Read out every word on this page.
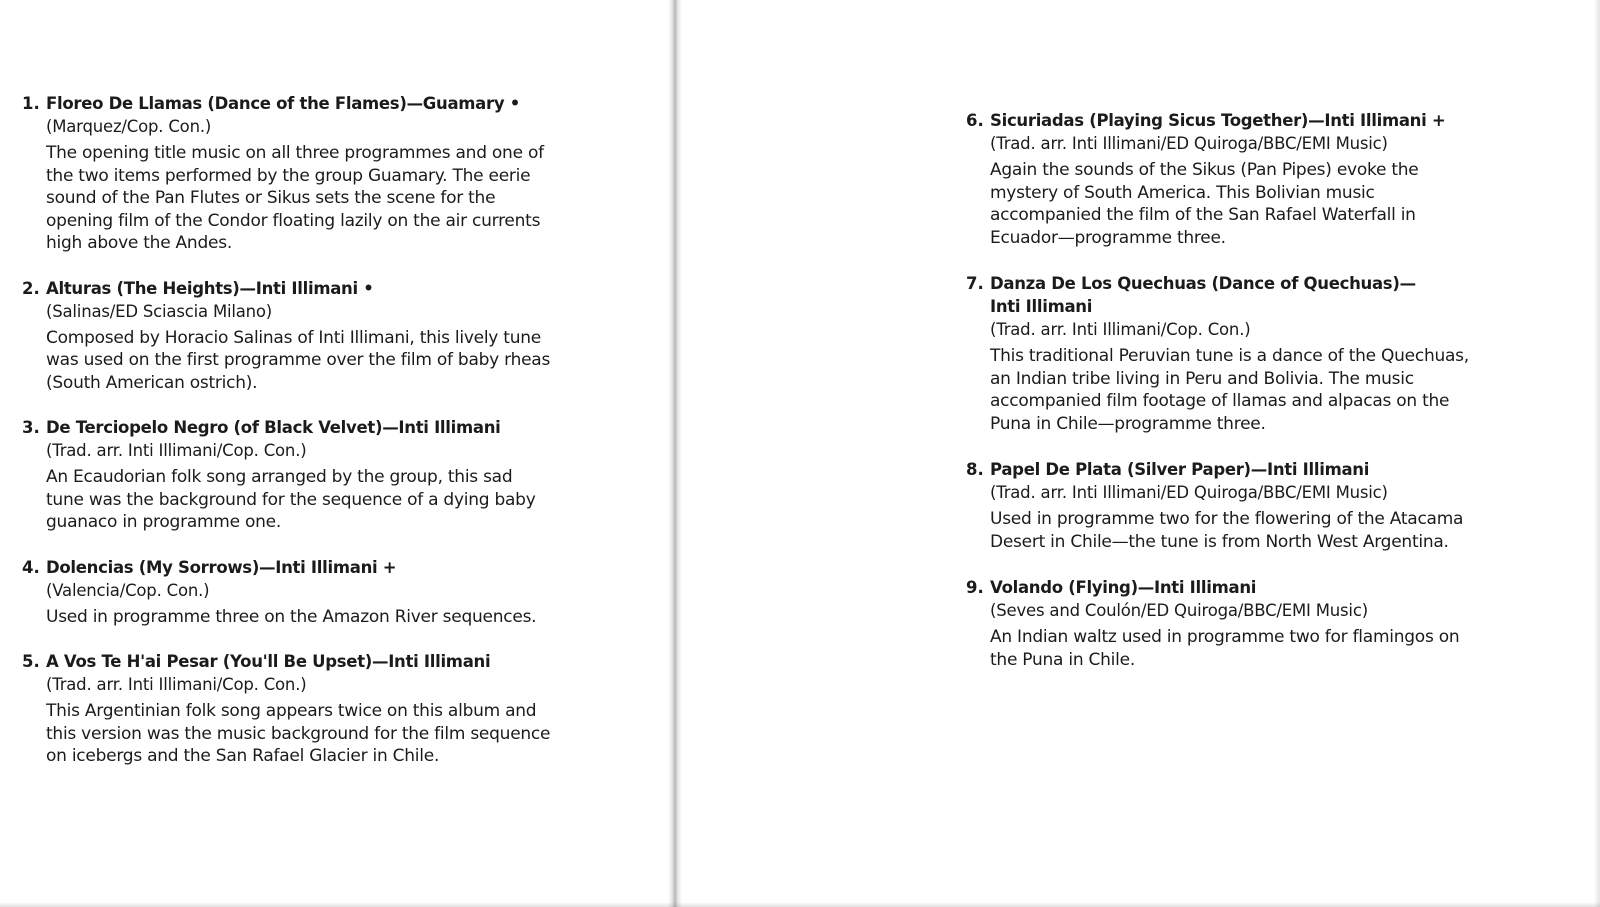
1. Floreo De Llamas (Dance of the Flames)—Guamary •
(Marquez/Cop. Con.)
The opening title music on all three programmes and one of the two items performed by the group Guamary. The eerie sound of the Pan Flutes or Sikus sets the scene for the opening film of the Condor floating lazily on the air currents high above the Andes.
2. Alturas (The Heights)—Inti Illimani •
(Salinas/ED Sciascia Milano)
Composed by Horacio Salinas of Inti Illimani, this lively tune was used on the first programme over the film of baby rheas (South American ostrich).
3. De Terciopelo Negro (of Black Velvet)—Inti Illimani
(Trad. arr. Inti Illimani/Cop. Con.)
An Ecaudorian folk song arranged by the group, this sad tune was the background for the sequence of a dying baby guanaco in programme one.
4. Dolencias (My Sorrows)—Inti Illimani +
(Valencia/Cop. Con.)
Used in programme three on the Amazon River sequences.
5. A Vos Te H'ai Pesar (You'll Be Upset)—Inti Illimani
(Trad. arr. Inti Illimani/Cop. Con.)
This Argentinian folk song appears twice on this album and this version was the music background for the film sequence on icebergs and the San Rafael Glacier in Chile.
6. Sicuriadas (Playing Sicus Together)—Inti Illimani +
(Trad. arr. Inti Illimani/ED Quiroga/BBC/EMI Music)
Again the sounds of the Sikus (Pan Pipes) evoke the mystery of South America. This Bolivian music accompanied the film of the San Rafael Waterfall in Ecuador—programme three.
7. Danza De Los Quechuas (Dance of Quechuas)—
Inti Illimani
(Trad. arr. Inti Illimani/Cop. Con.)
This traditional Peruvian tune is a dance of the Quechuas, an Indian tribe living in Peru and Bolivia. The music accompanied film footage of llamas and alpacas on the Puna in Chile—programme three.
8. Papel De Plata (Silver Paper)—Inti Illimani
(Trad. arr. Inti Illimani/ED Quiroga/BBC/EMI Music)
Used in programme two for the flowering of the Atacama Desert in Chile—the tune is from North West Argentina.
9. Volando (Flying)—Inti Illimani
(Seves and Coulón/ED Quiroga/BBC/EMI Music)
An Indian waltz used in programme two for flamingos on the Puna in Chile.
